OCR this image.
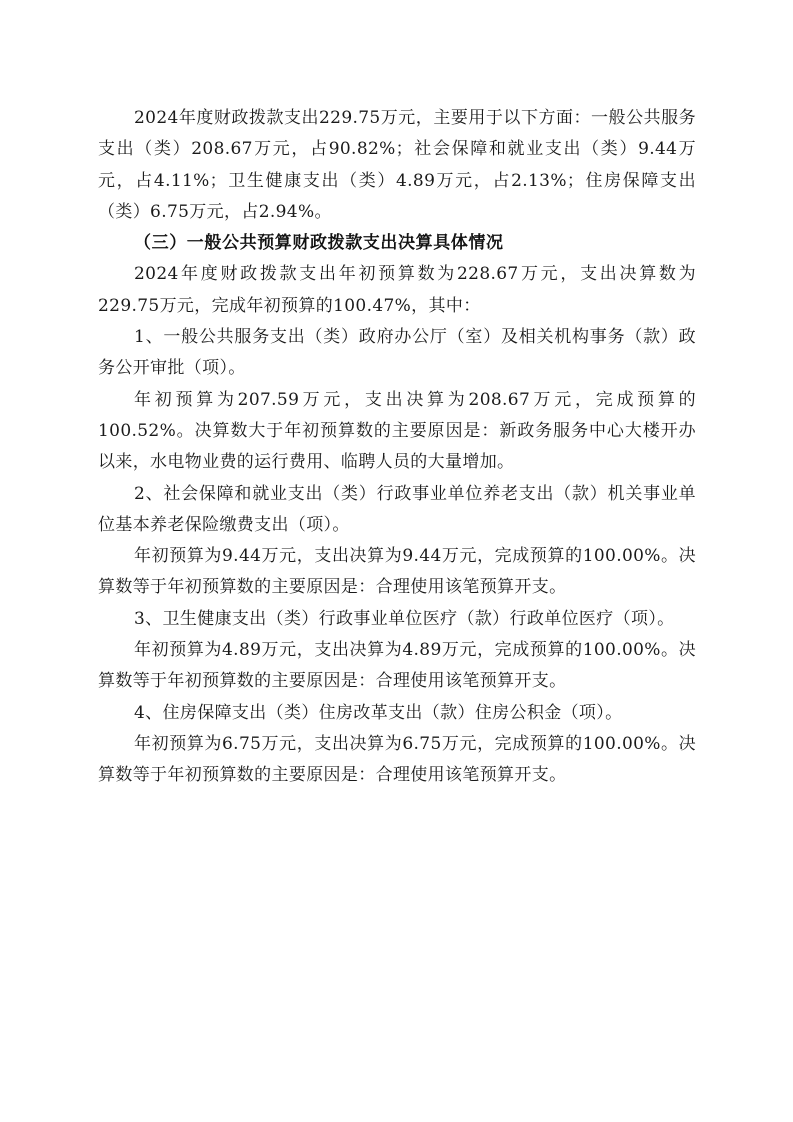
2024年度财政拨款支出229.75万元，主要用于以下方面：一般公共服务支出（类）208.67万元，占90.82%；社会保障和就业支出（类）9.44万元，占4.11%；卫生健康支出（类）4.89万元，占2.13%；住房保障支出（类）6.75万元，占2.94%。

（三）一般公共预算财政拨款支出决算具体情况

2024年度财政拨款支出年初预算数为228.67万元，支出决算数为229.75万元，完成年初预算的100.47%，其中：

1、一般公共服务支出（类）政府办公厅（室）及相关机构事务（款）政务公开审批（项）。

年初预算为207.59万元，支出决算为208.67万元，完成预算的100.52%。决算数大于年初预算数的主要原因是：新政务服务中心大楼开办以来，水电物业费的运行费用、临聘人员的大量增加。

2、社会保障和就业支出（类）行政事业单位养老支出（款）机关事业单位基本养老保险缴费支出（项）。

年初预算为9.44万元，支出决算为9.44万元，完成预算的100.00%。决算数等于年初预算数的主要原因是：合理使用该笔预算开支。

3、卫生健康支出（类）行政事业单位医疗（款）行政单位医疗（项）。

年初预算为4.89万元，支出决算为4.89万元，完成预算的100.00%。决算数等于年初预算数的主要原因是：合理使用该笔预算开支。

4、住房保障支出（类）住房改革支出（款）住房公积金（项）。

年初预算为6.75万元，支出决算为6.75万元，完成预算的100.00%。决算数等于年初预算数的主要原因是：合理使用该笔预算开支。
